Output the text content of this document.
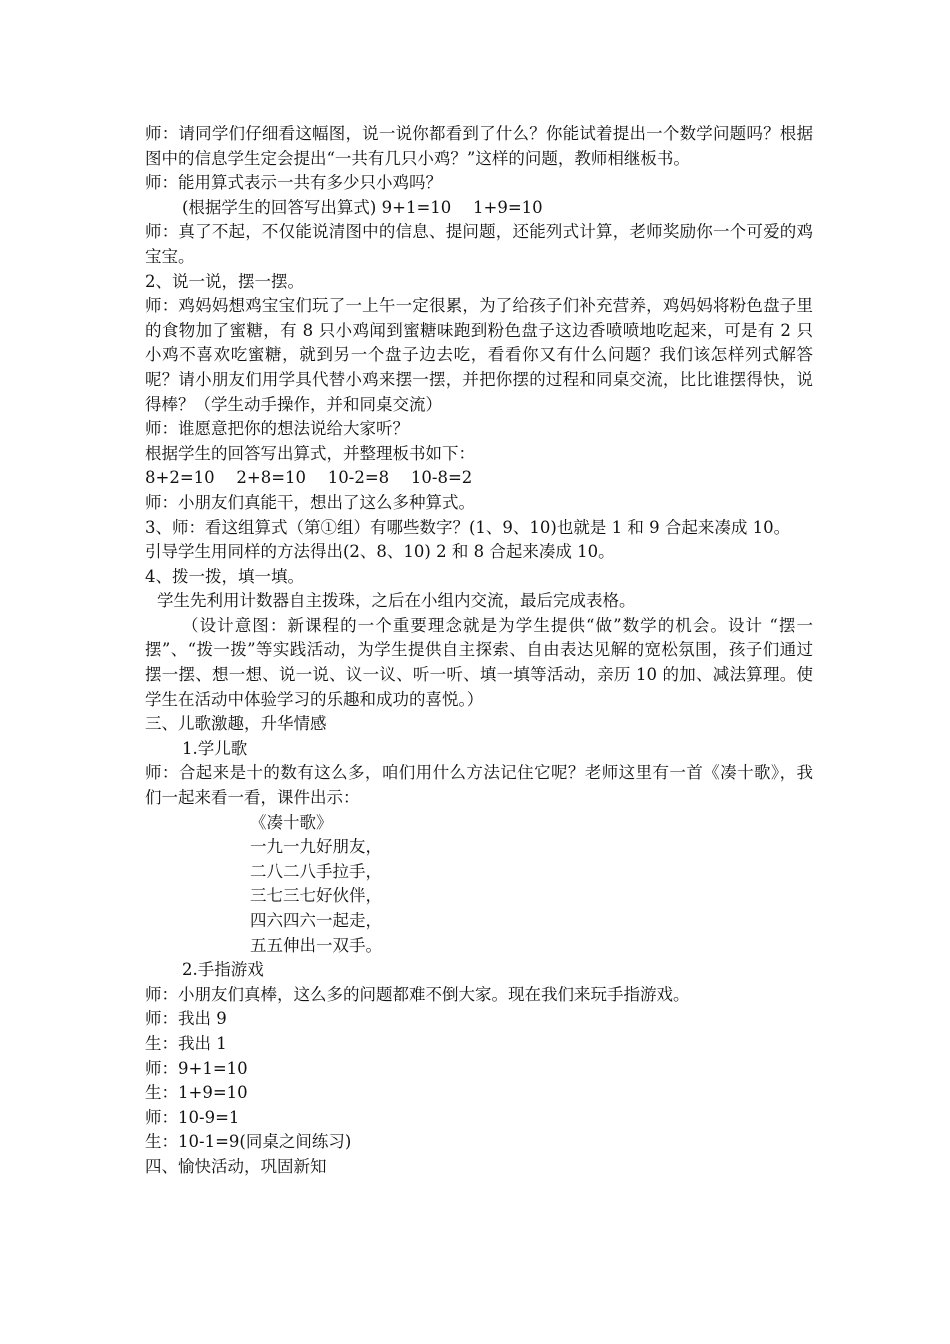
师：请同学们仔细看这幅图，说一说你都看到了什么？你能试着提出一个数学问题吗？根据图中的信息学生定会提出“一共有几只小鸡？”这样的问题，教师相继板书。

师：能用算式表示一共有多少只小鸡吗？

(根据学生的回答写出算式) 9+1=10　 1+9=10

师：真了不起，不仅能说清图中的信息、提问题，还能列式计算，老师奖励你一个可爱的鸡宝宝。

2、说一说，摆一摆。

师：鸡妈妈想鸡宝宝们玩了一上午一定很累，为了给孩子们补充营养，鸡妈妈将粉色盘子里的食物加了蜜糖，有 8 只小鸡闻到蜜糖味跑到粉色盘子这边香喷喷地吃起来，可是有 2 只小鸡不喜欢吃蜜糖，就到另一个盘子边去吃，看看你又有什么问题？我们该怎样列式解答呢？请小朋友们用学具代替小鸡来摆一摆，并把你摆的过程和同桌交流，比比谁摆得快，说得棒？（学生动手操作，并和同桌交流）

师：谁愿意把你的想法说给大家听？

根据学生的回答写出算式，并整理板书如下：

8+2=10　 2+8=10　 10-2=8　 10-8=2

师：小朋友们真能干，想出了这么多种算式。

3、师：看这组算式（第①组）有哪些数字？(1、9、10)也就是 1 和 9 合起来凑成 10。

引导学生用同样的方法得出(2、8、10) 2 和 8 合起来凑成 10。

4、拨一拨，填一填。

学生先利用计数器自主拨珠，之后在小组内交流，最后完成表格。

（设计意图：新课程的一个重要理念就是为学生提供“做”数学的机会。设计 “摆一摆”、“拨一拨”等实践活动，为学生提供自主探索、自由表达见解的宽松氛围，孩子们通过摆一摆、想一想、说一说、议一议、听一听、填一填等活动，亲历 10 的加、减法算理。使学生在活动中体验学习的乐趣和成功的喜悦。）

三、儿歌激趣，升华情感

1.学儿歌

师：合起来是十的数有这么多，咱们用什么方法记住它呢？老师这里有一首《凑十歌》，我们一起来看一看，课件出示：

《凑十歌》

一九一九好朋友，

二八二八手拉手，

三七三七好伙伴，

四六四六一起走，

五五伸出一双手。

2.手指游戏

师：小朋友们真棒，这么多的问题都难不倒大家。现在我们来玩手指游戏。

师：我出 9

生：我出 1

师：9+1=10

生：1+9=10

师：10-9=1

生：10-1=9(同桌之间练习)

四、愉快活动，巩固新知
